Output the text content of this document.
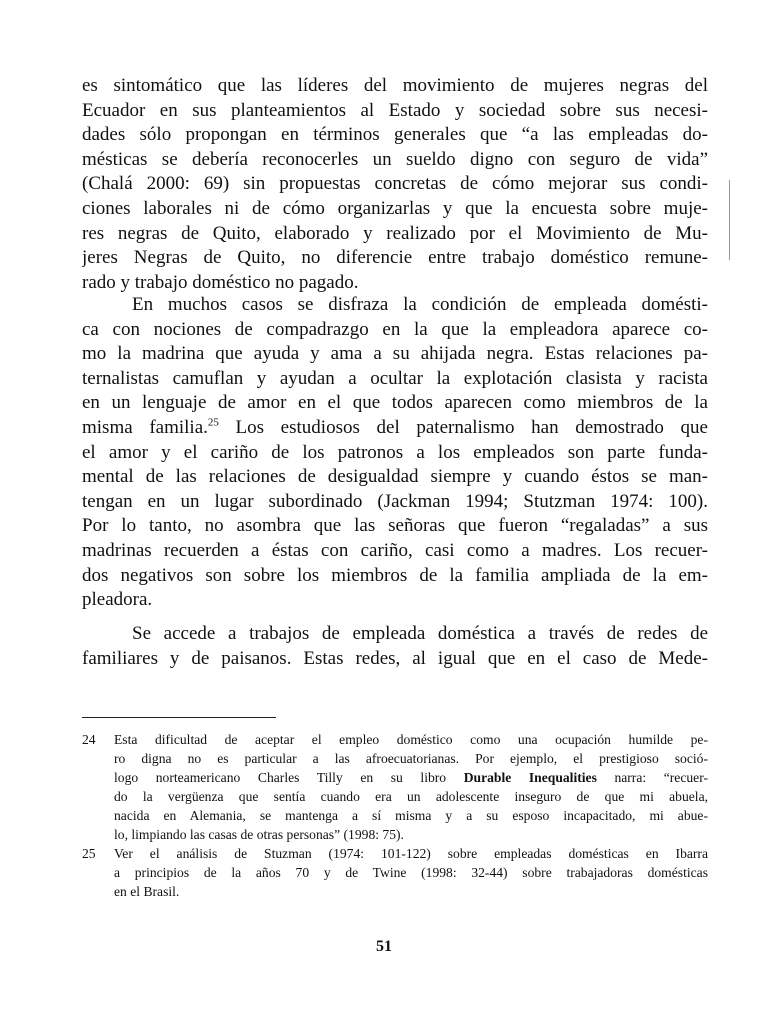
es sintomático que las líderes del movimiento de mujeres negras del
Ecuador en sus planteamientos al Estado y sociedad sobre sus necesi-
dades sólo propongan en términos generales que “a las empleadas do-
mésticas se debería reconocerles un sueldo digno con seguro de vida”
(Chalá 2000: 69) sin propuestas concretas de cómo mejorar sus condi-
ciones laborales ni de cómo organizarlas y que la encuesta sobre muje-
res negras de Quito, elaborado y realizado por el Movimiento de Mu-
jeres Negras de Quito, no diferencie entre trabajo doméstico remune-
rado y trabajo doméstico no pagado.
En muchos casos se disfraza la condición de empleada domésti-
ca con nociones de compadrazgo en la que la empleadora aparece co-
mo la madrina que ayuda y ama a su ahijada negra. Estas relaciones pa-
ternalistas camuflan y ayudan a ocultar la explotación clasista y racista
en un lenguaje de amor en el que todos aparecen como miembros de la
misma familia.$^{25}$ Los estudiosos del paternalismo han demostrado que
el amor y el cariño de los patronos a los empleados son parte funda-
mental de las relaciones de desigualdad siempre y cuando éstos se man-
tengan en un lugar subordinado (Jackman 1994; Stutzman 1974: 100).
Por lo tanto, no asombra que las señoras que fueron “regaladas” a sus
madrinas recuerden a éstas con cariño, casi como a madres. Los recuer-
dos negativos son sobre los miembros de la familia ampliada de la em-
pleadora.
Se accede a trabajos de empleada doméstica a través de redes de
familiares y de paisanos. Estas redes, al igual que en el caso de Mede-
24 Esta dificultad de aceptar el empleo doméstico como una ocupación humilde pe-
ro digna no es particular a las afroecuatorianas. Por ejemplo, el prestigioso soció-
logo norteamericano Charles Tilly en su libro Durable Inequalities narra: “recuer-
do la vergüenza que sentía cuando era un adolescente inseguro de que mi abuela,
nacida en Alemania, se mantenga a sí misma y a su esposo incapacitado, mi abue-
lo, limpiando las casas de otras personas” (1998: 75).
25 Ver el análisis de Stuzman (1974: 101-122) sobre empleadas domésticas en Ibarra
a principios de la años 70 y de Twine (1998: 32-44) sobre trabajadoras domésticas
en el Brasil.
51
